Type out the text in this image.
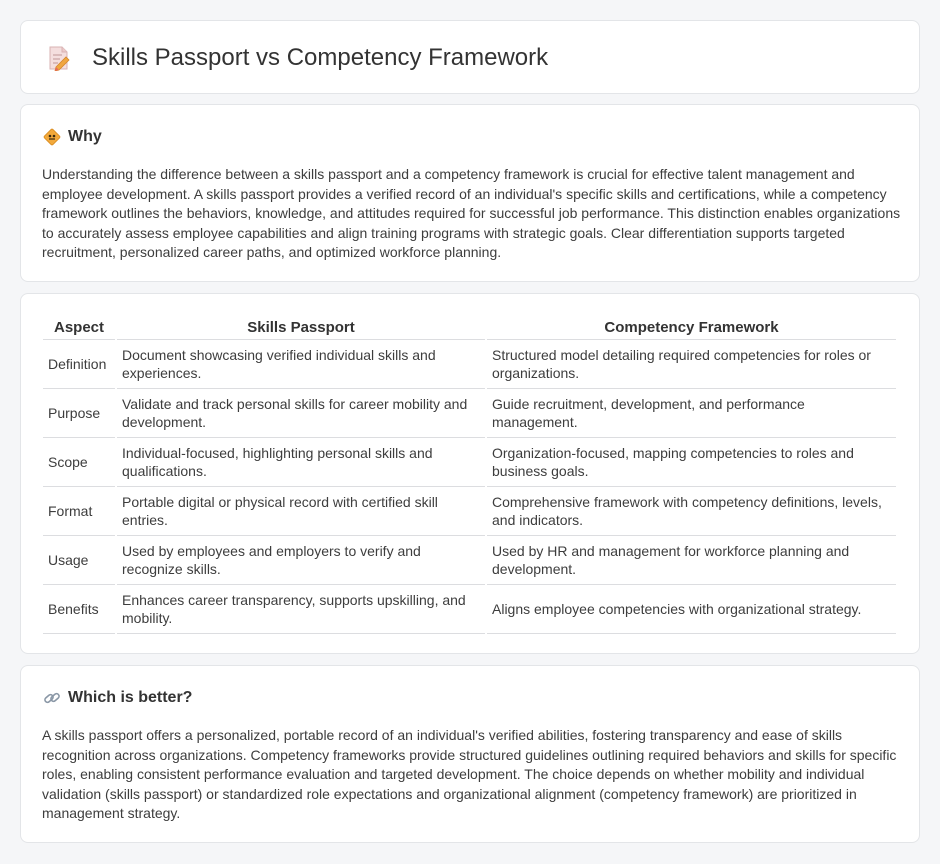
Skills Passport vs Competency Framework
Why

Understanding the difference between a skills passport and a competency framework is crucial for effective talent management and employee development. A skills passport provides a verified record of an individual's specific skills and certifications, while a competency framework outlines the behaviors, knowledge, and attitudes required for successful job performance. This distinction enables organizations to accurately assess employee capabilities and align training programs with strategic goals. Clear differentiation supports targeted recruitment, personalized career paths, and optimized workforce planning.

Aspect	Skills Passport	Competency Framework
Definition	Document showcasing verified individual skills and experiences.	Structured model detailing required competencies for roles or organizations.
Purpose	Validate and track personal skills for career mobility and development.	Guide recruitment, development, and performance management.
Scope	Individual-focused, highlighting personal skills and qualifications.	Organization-focused, mapping competencies to roles and business goals.
Format	Portable digital or physical record with certified skill entries.	Comprehensive framework with competency definitions, levels, and indicators.
Usage	Used by employees and employers to verify and recognize skills.	Used by HR and management for workforce planning and development.
Benefits	Enhances career transparency, supports upskilling, and mobility.	Aligns employee competencies with organizational strategy.
Which is better?

A skills passport offers a personalized, portable record of an individual's verified abilities, fostering transparency and ease of skills recognition across organizations. Competency frameworks provide structured guidelines outlining required behaviors and skills for specific roles, enabling consistent performance evaluation and targeted development. The choice depends on whether mobility and individual validation (skills passport) or standardized role expectations and organizational alignment (competency framework) are prioritized in management strategy.
